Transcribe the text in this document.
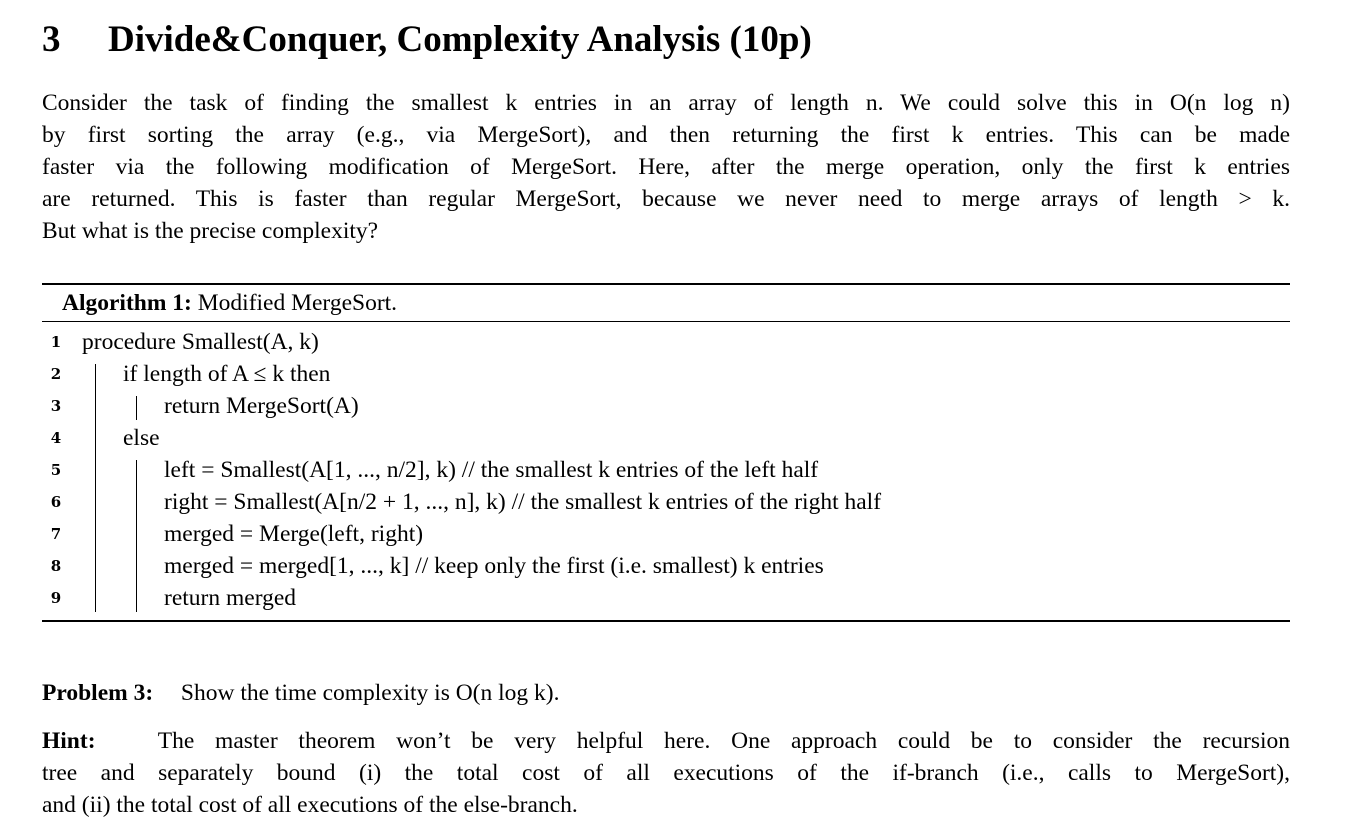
3 Divide&Conquer, Complexity Analysis (10p)
Consider the task of finding the smallest k entries in an array of length n. We could solve this in O(n log n)
by first sorting the array (e.g., via MergeSort), and then returning the first k entries. This can be made
faster via the following modification of MergeSort. Here, after the merge operation, only the first k entries
are returned. This is faster than regular MergeSort, because we never need to merge arrays of length > k.
But what is the precise complexity?
Algorithm 1: Modified MergeSort.
1 procedure Smallest(A, k)
2	if length of A ≤ k then
3	return MergeSort(A)
4	else
5	left = Smallest(A[1, ..., n/2], k) // the smallest k entries of the left half
6	right = Smallest(A[n/2 + 1, ..., n], k) // the smallest k entries of the right half
7	merged = Merge(left, right)
8	merged = merged[1, ..., k] // keep only the first (i.e. smallest) k entries
9	return merged
Problem 3: Show the time complexity is O(n log k).
Hint:	The master theorem won’t be very helpful here. One approach could be to consider the recursion
tree and separately bound (i) the total cost of all executions of the if-branch (i.e., calls to MergeSort),
and (ii) the total cost of all executions of the else-branch.
